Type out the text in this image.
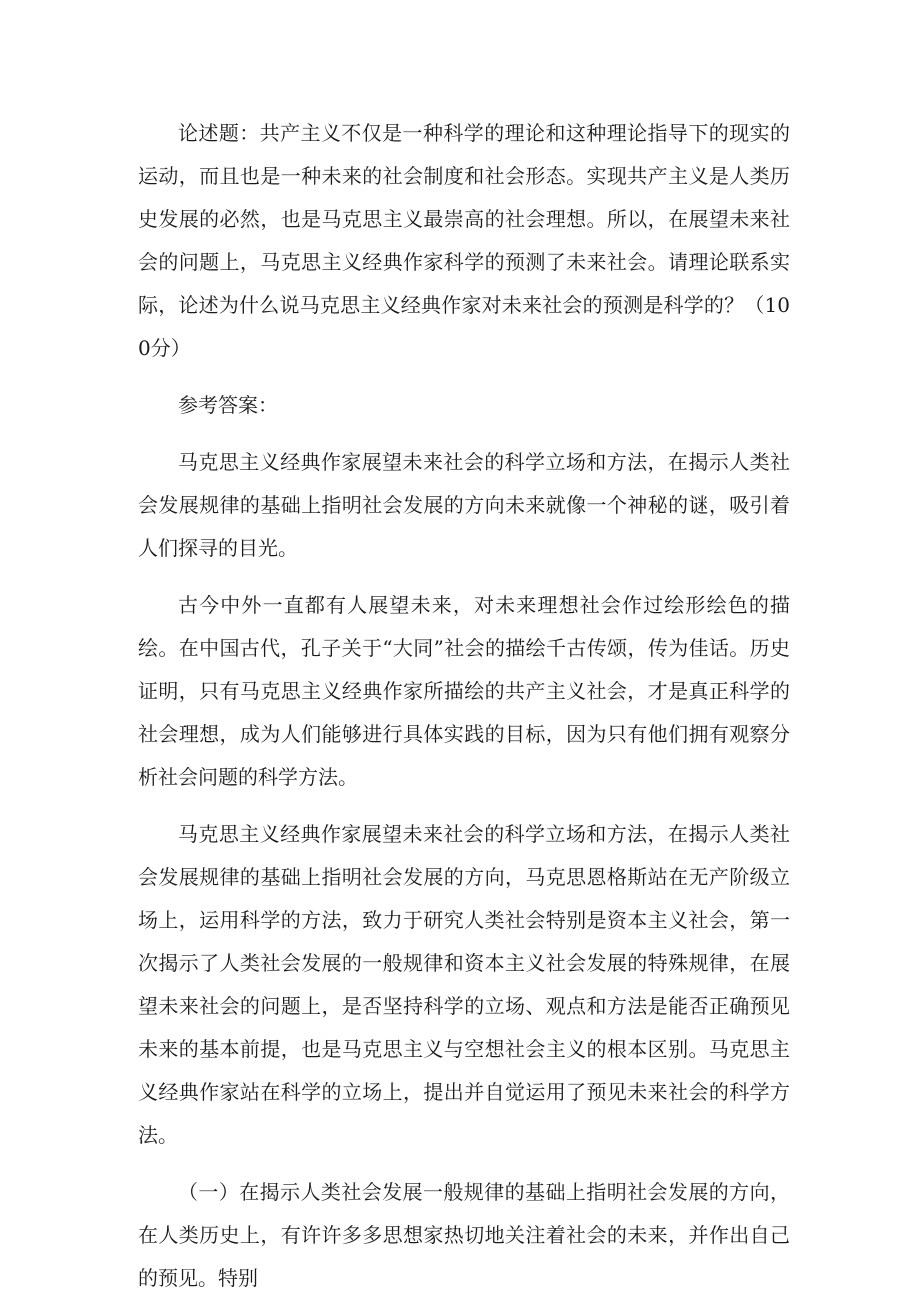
论述题：共产主义不仅是一种科学的理论和这种理论指导下的现实的运动，而且也是一种未来的社会制度和社会形态。实现共产主义是人类历史发展的必然，也是马克思主义最崇高的社会理想。所以，在展望未来社会的问题上，马克思主义经典作家科学的预测了未来社会。请理论联系实际，论述为什么说马克思主义经典作家对未来社会的预测是科学的？（100分）

参考答案：

马克思主义经典作家展望未来社会的科学立场和方法，在揭示人类社会发展规律的基础上指明社会发展的方向未来就像一个神秘的谜，吸引着人们探寻的目光。

古今中外一直都有人展望未来，对未来理想社会作过绘形绘色的描绘。在中国古代，孔子关于“大同”社会的描绘千古传颂，传为佳话。历史证明，只有马克思主义经典作家所描绘的共产主义社会，才是真正科学的社会理想，成为人们能够进行具体实践的目标，因为只有他们拥有观察分析社会问题的科学方法。

马克思主义经典作家展望未来社会的科学立场和方法，在揭示人类社会发展规律的基础上指明社会发展的方向，马克思恩格斯站在无产阶级立场上，运用科学的方法，致力于研究人类社会特别是资本主义社会，第一次揭示了人类社会发展的一般规律和资本主义社会发展的特殊规律，在展望未来社会的问题上，是否坚持科学的立场、观点和方法是能否正确预见未来的基本前提，也是马克思主义与空想社会主义的根本区别。马克思主义经典作家站在科学的立场上，提出并自觉运用了预见未来社会的科学方法。

（一）在揭示人类社会发展一般规律的基础上指明社会发展的方向，在人类历史上，有许许多多思想家热切地关注着社会的未来，并作出自己的预见。特别
